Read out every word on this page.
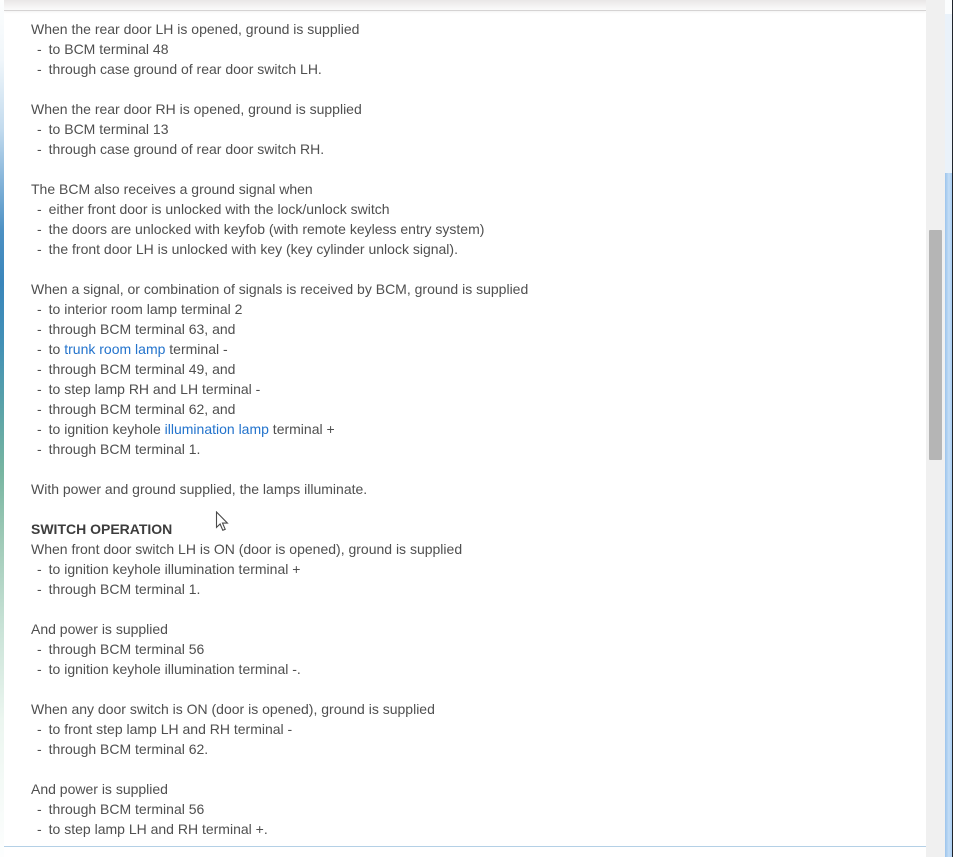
When the rear door LH is opened, ground is supplied
- to BCM terminal 48
- through case ground of rear door switch LH.
When the rear door RH is opened, ground is supplied
- to BCM terminal 13
- through case ground of rear door switch RH.
The BCM also receives a ground signal when
- either front door is unlocked with the lock/unlock switch
- the doors are unlocked with keyfob (with remote keyless entry system)
- the front door LH is unlocked with key (key cylinder unlock signal).
When a signal, or combination of signals is received by BCM, ground is supplied
- to interior room lamp terminal 2
- through BCM terminal 63, and
- to trunk room lamp terminal -
- through BCM terminal 49, and
- to step lamp RH and LH terminal -
- through BCM terminal 62, and
- to ignition keyhole illumination lamp terminal +
- through BCM terminal 1.
With power and ground supplied, the lamps illuminate.
SWITCH OPERATION
When front door switch LH is ON (door is opened), ground is supplied
- to ignition keyhole illumination terminal +
- through BCM terminal 1.
And power is supplied
- through BCM terminal 56
- to ignition keyhole illumination terminal -.
When any door switch is ON (door is opened), ground is supplied
- to front step lamp LH and RH terminal -
- through BCM terminal 62.
And power is supplied
- through BCM terminal 56
- to step lamp LH and RH terminal +.
